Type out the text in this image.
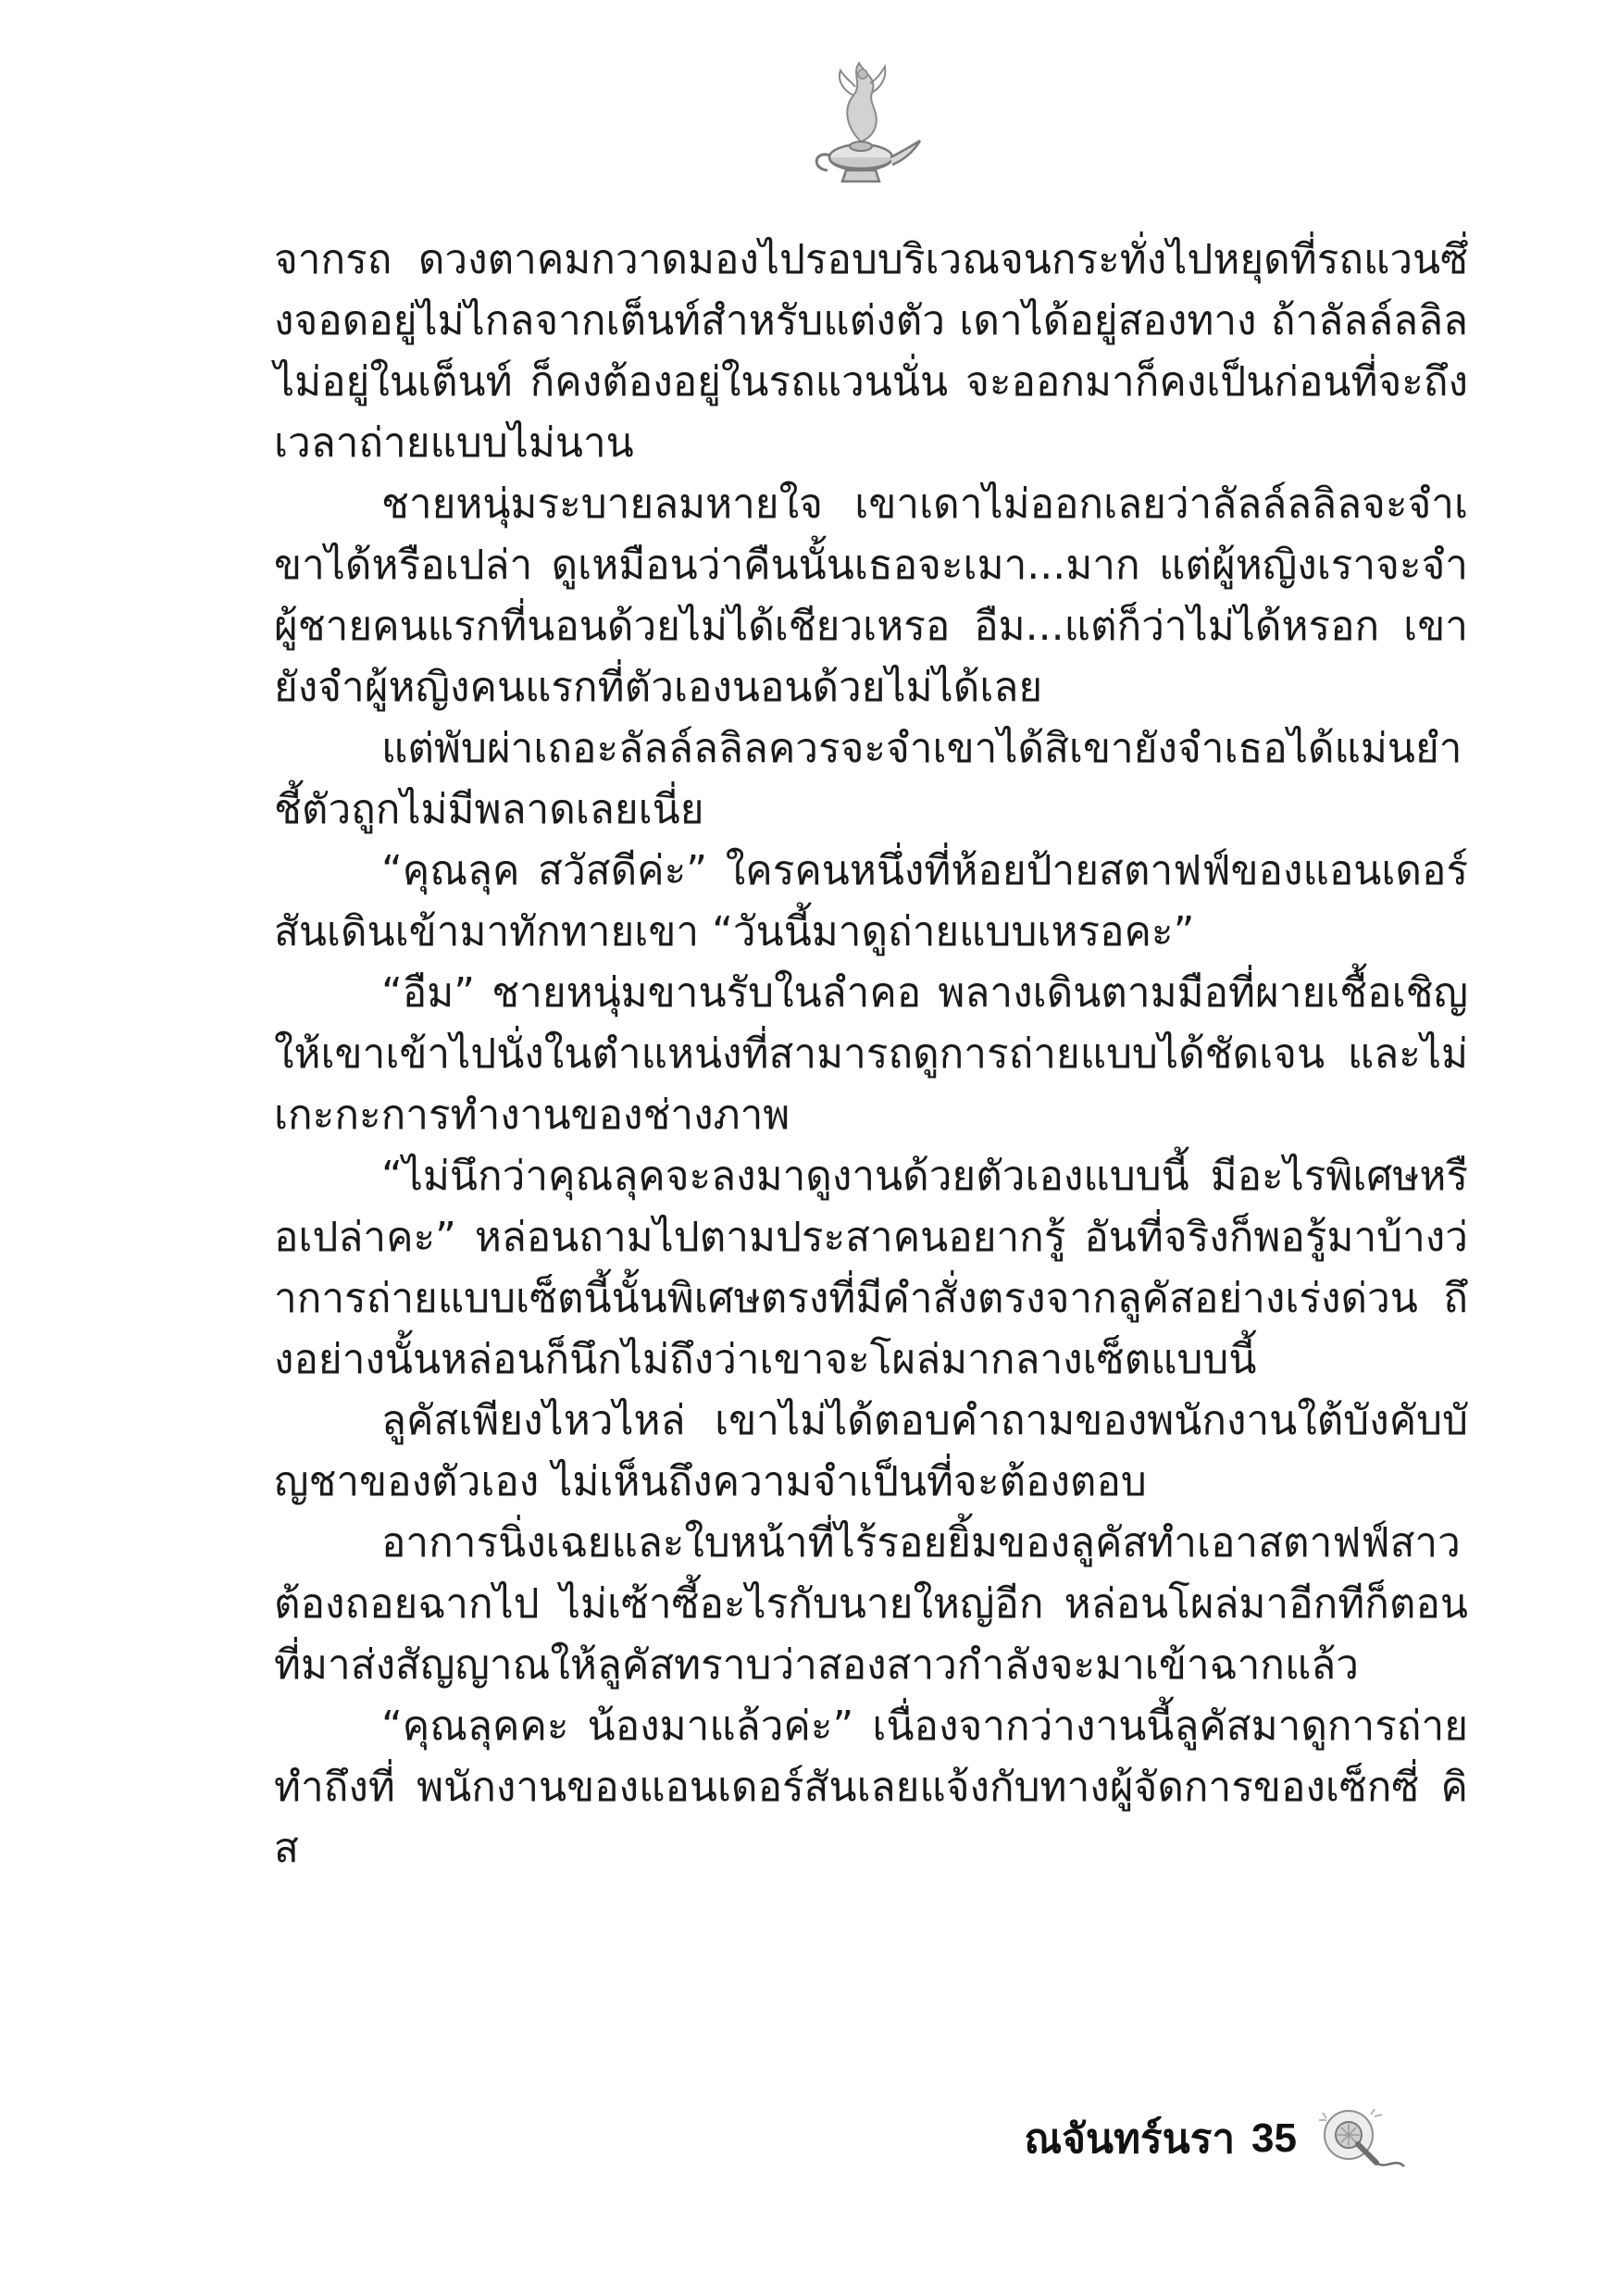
จากรถ ดวงตาคมกวาดมองไปรอบบริเวณจนกระทั่งไปหยุดที่รถแวนซึ่งจอดอยู่ไม่ไกลจากเต็นท์สำหรับแต่งตัว เดาได้อยู่สองทาง ถ้าลัลล์ลลิลไม่อยู่ในเต็นท์ ก็คงต้องอยู่ในรถแวนนั่น จะออกมาก็คงเป็นก่อนที่จะถึงเวลาถ่ายแบบไม่นาน

ชายหนุ่มระบายลมหายใจ เขาเดาไม่ออกเลยว่าลัลล์ลลิลจะจำเขาได้หรือเปล่า ดูเหมือนว่าคืนนั้นเธอจะเมา...มาก แต่ผู้หญิงเราจะจำผู้ชายคนแรกที่นอนด้วยไม่ได้เชียวเหรอ อืม...แต่ก็ว่าไม่ได้หรอก เขายังจำผู้หญิงคนแรกที่ตัวเองนอนด้วยไม่ได้เลย

แต่พับผ่าเถอะลัลล์ลลิลควรจะจำเขาได้สิเขายังจำเธอได้แม่นยำชี้ตัวถูกไม่มีพลาดเลยเนี่ย

“คุณลุค สวัสดีค่ะ” ใครคนหนึ่งที่ห้อยป้ายสตาฟฟ์ของแอนเดอร์สันเดินเข้ามาทักทายเขา “วันนี้มาดูถ่ายแบบเหรอคะ”

“อืม” ชายหนุ่มขานรับในลำคอ พลางเดินตามมือที่ผายเชื้อเชิญให้เขาเข้าไปนั่งในตำแหน่งที่สามารถดูการถ่ายแบบได้ชัดเจน และไม่เกะกะการทำงานของช่างภาพ

“ไม่นึกว่าคุณลุคจะลงมาดูงานด้วยตัวเองแบบนี้ มีอะไรพิเศษหรือเปล่าคะ” หล่อนถามไปตามประสาคนอยากรู้ อันที่จริงก็พอรู้มาบ้างว่าการถ่ายแบบเซ็ตนี้นั้นพิเศษตรงที่มีคำสั่งตรงจากลูคัสอย่างเร่งด่วน ถึงอย่างนั้นหล่อนก็นึกไม่ถึงว่าเขาจะโผล่มากลางเซ็ตแบบนี้

ลูคัสเพียงไหวไหล่ เขาไม่ได้ตอบคำถามของพนักงานใต้บังคับบัญชาของตัวเอง ไม่เห็นถึงความจำเป็นที่จะต้องตอบ

อาการนิ่งเฉยและใบหน้าที่ไร้รอยยิ้มของลูคัสทำเอาสตาฟฟ์สาวต้องถอยฉากไป ไม่เซ้าซี้อะไรกับนายใหญ่อีก หล่อนโผล่มาอีกทีก็ตอนที่มาส่งสัญญาณให้ลูคัสทราบว่าสองสาวกำลังจะมาเข้าฉากแล้ว

“คุณลุคคะ น้องมาแล้วค่ะ” เนื่องจากว่างานนี้ลูคัสมาดูการถ่ายทำถึงที่ พนักงานของแอนเดอร์สันเลยแจ้งกับทางผู้จัดการของเซ็กซี่ คิส

ณจันทร์นรา 35
